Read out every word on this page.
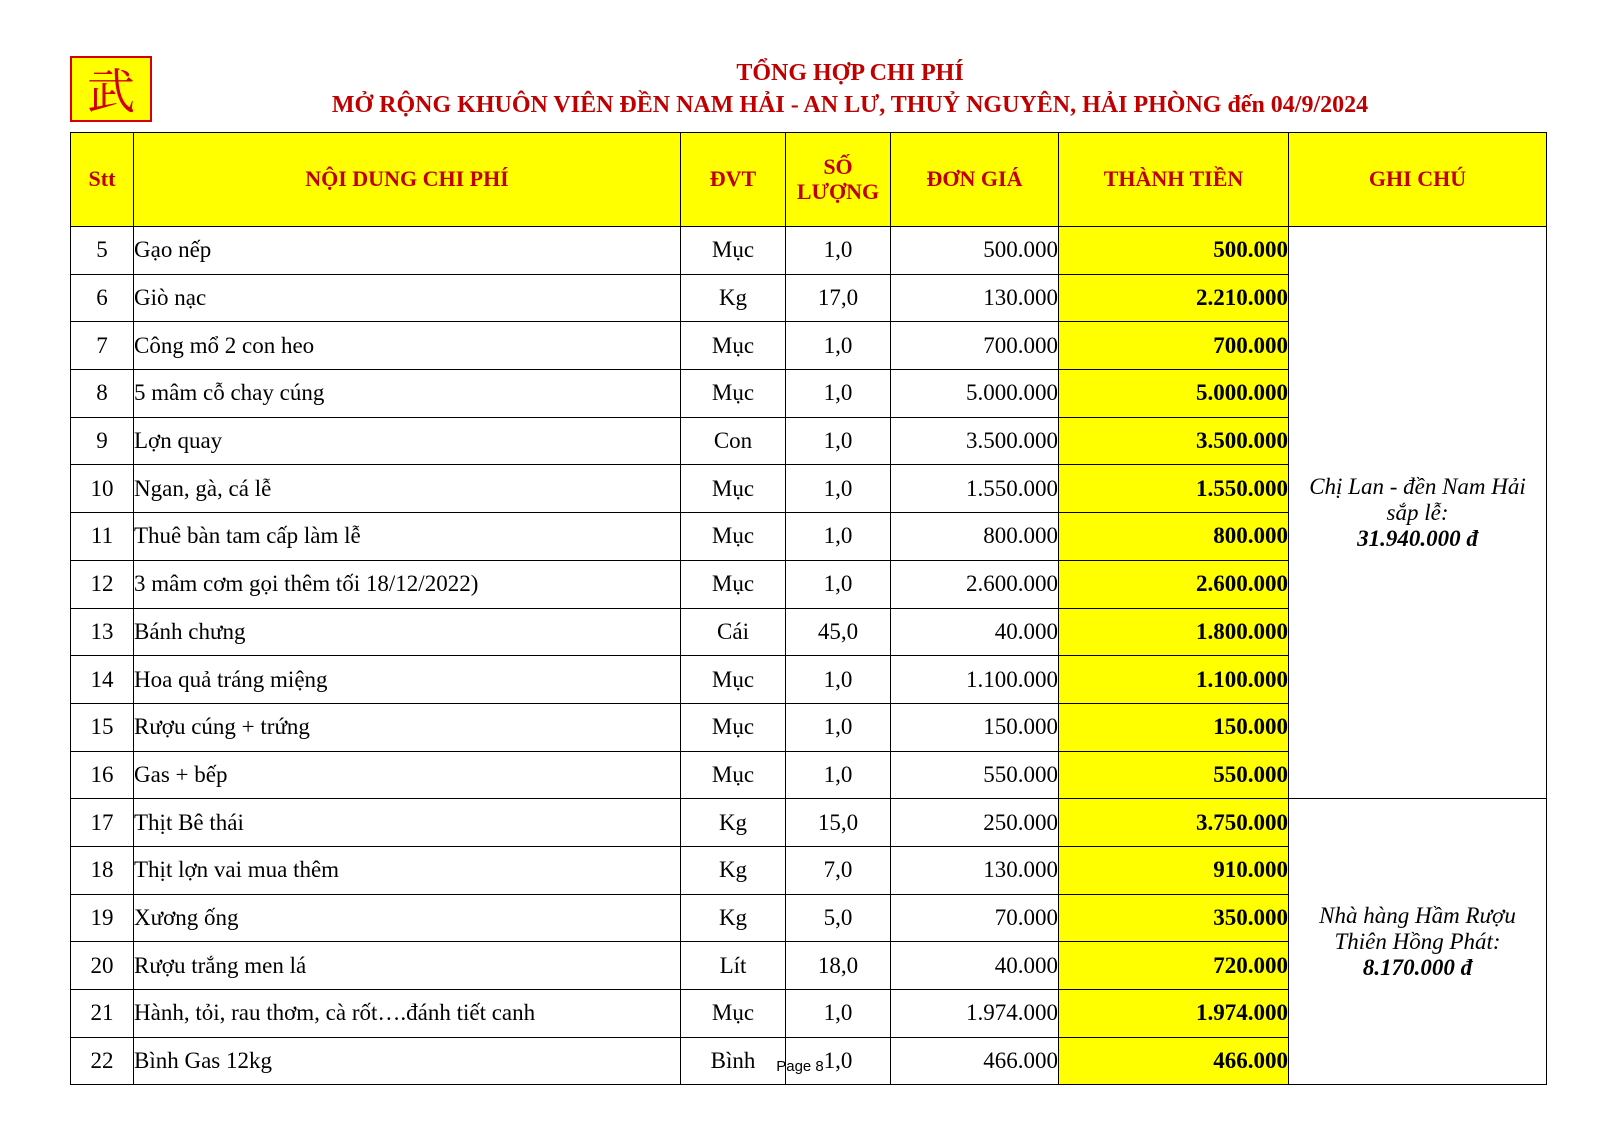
武	TỔNG HỢP CHI PHÍ
MỞ RỘNG KHUÔN VIÊN ĐỀN NAM HẢI - AN LƯ, THUỶ NGUYÊN, HẢI PHÒNG đến 04/9/2024
Stt	NỘI DUNG CHI PHÍ	ĐVT	SỐ
LƯỢNG	ĐƠN GIÁ	THÀNH TIỀN	GHI CHÚ
5	Gạo nếp	Mục	1,0	500.000	500.000	Chị Lan - đền Nam Hải
sắp lễ:
31.940.000 đ

6	Giò nạc	Kg	17,0	130.000	2.210.000	
7	Công mổ 2 con heo	Mục	1,0	700.000	700.000	
8	5 mâm cỗ chay cúng	Mục	1,0	5.000.000	5.000.000	
9	Lợn quay	Con	1,0	3.500.000	3.500.000	
10	Ngan, gà, cá lễ	Mục	1,0	1.550.000	1.550.000	
11	Thuê bàn tam cấp làm lễ	Mục	1,0	800.000	800.000	
12	3 mâm cơm gọi thêm tối 18/12/2022)	Mục	1,0	2.600.000	2.600.000	
13	Bánh chưng	Cái	45,0	40.000	1.800.000	
14	Hoa quả tráng miệng	Mục	1,0	1.100.000	1.100.000	
15	Rượu cúng + trứng	Mục	1,0	150.000	150.000	
16	Gas + bếp	Mục	1,0	550.000	550.000	
17	Thịt Bê thái	Kg	15,0	250.000	3.750.000	Nhà hàng Hầm Rượu
Thiên Hồng Phát:
8.170.000 đ

18	Thịt lợn vai mua thêm	Kg	7,0	130.000	910.000	
19	Xương ống	Kg	5,0	70.000	350.000	
20	Rượu trắng men lá	Lít	18,0	40.000	720.000	
21	Hành, tỏi, rau thơm, cà rốt….đánh tiết canh	Mục	1,0	1.974.000	1.974.000	
22	Bình Gas 12kg	Bình	1,0	466.000	466.000	
Page 8
